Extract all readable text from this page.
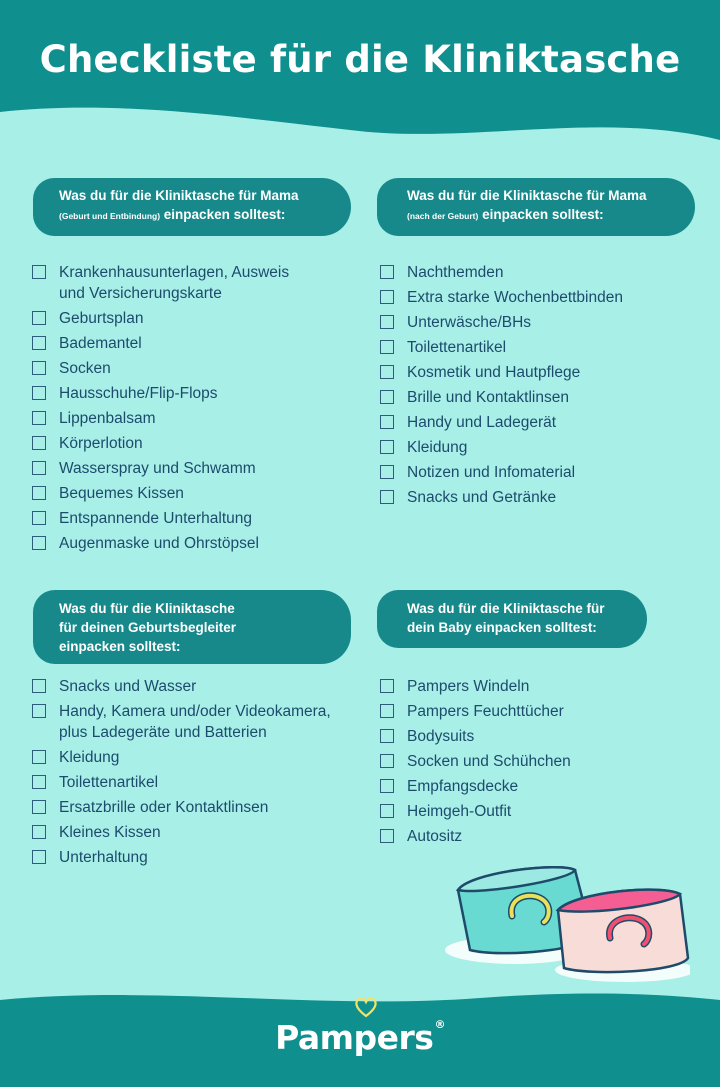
Checkliste für die Kliniktasche
Was du für die Kliniktasche für Mama
(Geburt und Entbindung) einpacken solltest:
Krankenhausunterlagen, Ausweis
und Versicherungskarte
Geburtsplan
Bademantel
Socken
Hausschuhe/Flip-Flops
Lippenbalsam
Körperlotion
Wasserspray und Schwamm
Bequemes Kissen
Entspannende Unterhaltung
Augenmaske und Ohrstöpsel
Was du für die Kliniktasche für Mama
(nach der Geburt) einpacken solltest:
Nachthemden
Extra starke Wochenbettbinden
Unterwäsche/BHs
Toilettenartikel
Kosmetik und Hautpflege
Brille und Kontaktlinsen
Handy und Ladegerät
Kleidung
Notizen und Infomaterial
Snacks und Getränke
Was du für die Kliniktasche
für deinen Geburtsbegleiter
einpacken solltest:
Snacks und Wasser
Handy, Kamera und/oder Videokamera,
plus Ladegeräte und Batterien
Kleidung
Toilettenartikel
Ersatzbrille oder Kontaktlinsen
Kleines Kissen
Unterhaltung
Was du für die Kliniktasche für
dein Baby einpacken solltest:
Pampers Windeln
Pampers Feuchttücher
Bodysuits
Socken und Schühchen
Empfangsdecke
Heimgeh-Outfit
Autositz
Pampers®
